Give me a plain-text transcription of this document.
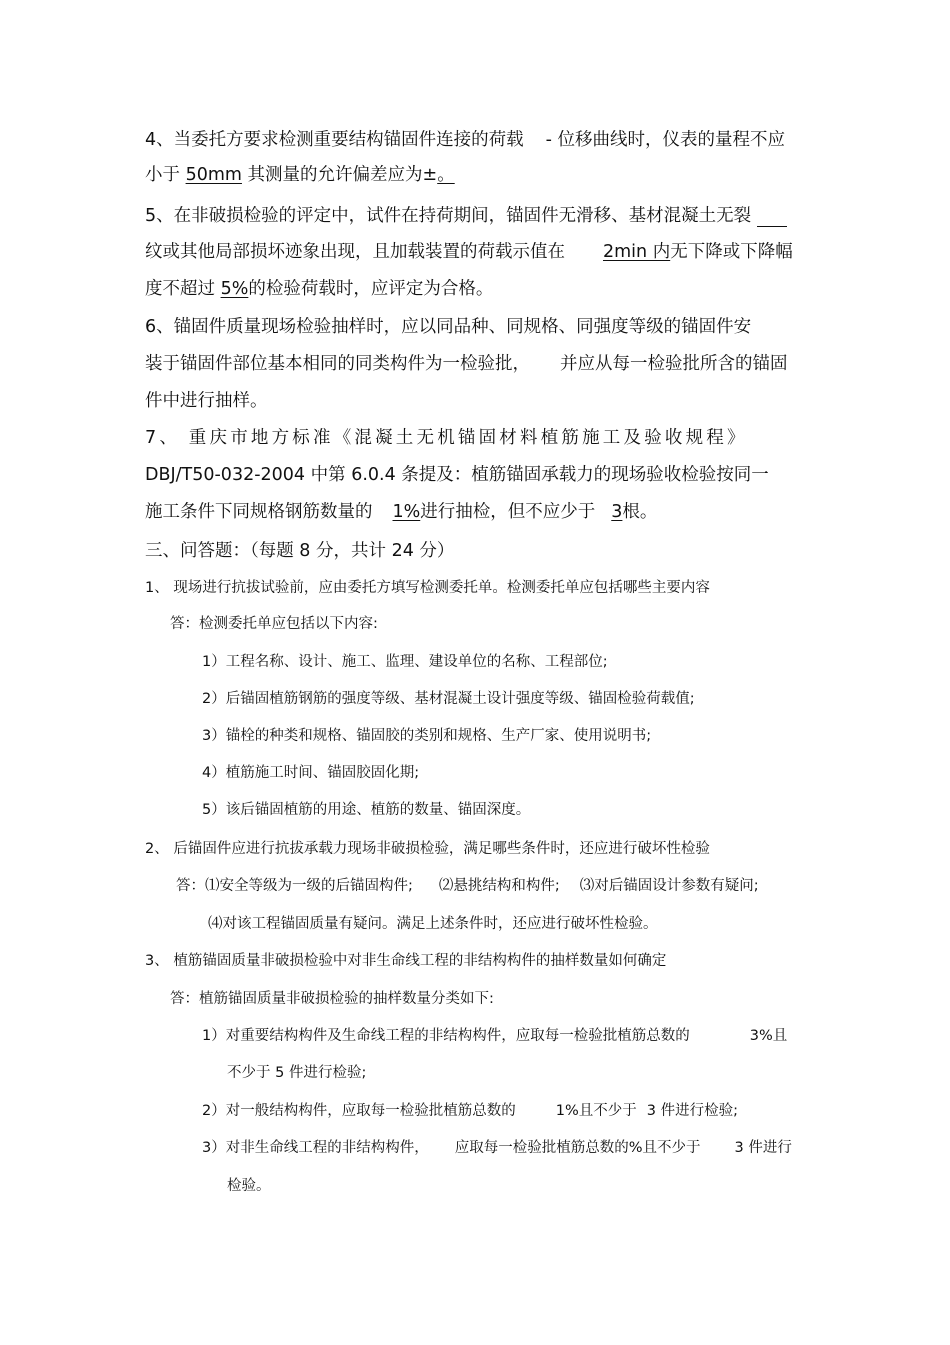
4、当委托方要求检测重要结构锚固件连接的荷载 - 位移曲线时，仪表的量程不应
小于 50mm 其测量的允许偏差应为±。
5、在非破损检验的评定中，试件在持荷期间，锚固件无滑移、基材混凝土无裂
纹或其他局部损坏迹象出现，且加载装置的荷载示值在 2min 内无下降或下降幅
度不超过 5%的检验荷载时，应评定为合格。
6、锚固件质量现场检验抽样时，应以同品种、同规格、同强度等级的锚固件安
装于锚固件部位基本相同的同类构件为一检验批， 并应从每一检验批所含的锚固
件中进行抽样。
7、 重庆市地方标准《混凝土无机锚固材料植筋施工及验收规程》
DBJ/T50-032-2004 中第 6.0.4 条提及：植筋锚固承载力的现场验收检验按同一
施工条件下同规格钢筋数量的 1%进行抽检，但不应少于 3根。
三、问答题：（每题 8 分，共计 24 分）
1、 现场进行抗拔试验前，应由委托方填写检测委托单。检测委托单应包括哪些主要内容
答：检测委托单应包括以下内容:
1）工程名称、设计、施工、监理、建设单位的名称、工程部位;
2）后锚固植筋钢筋的强度等级、基材混凝土设计强度等级、锚固检验荷载值;
3）锚栓的种类和规格、锚固胶的类别和规格、生产厂家、使用说明书;
4）植筋施工时间、锚固胶固化期;
5）该后锚固植筋的用途、植筋的数量、锚固深度。
2、 后锚固件应进行抗拔承载力现场非破损检验，满足哪些条件时，还应进行破坏性检验
答：⑴安全等级为一级的后锚固构件; ⑵悬挑结构和构件; ⑶对后锚固设计参数有疑问;
⑷对该工程锚固质量有疑问。满足上述条件时，还应进行破坏性检验。
3、 植筋锚固质量非破损检验中对非生命线工程的非结构构件的抽样数量如何确定
答：植筋锚固质量非破损检验的抽样数量分类如下:
1）对重要结构构件及生命线工程的非结构构件，应取每一检验批植筋总数的	3%且
不少于 5 件进行检验;
2）对一般结构构件，应取每一检验批植筋总数的	1%且不少于 3 件进行检验;
3）对非生命线工程的非结构构件， 应取每一检验批植筋总数的%且不少于 3 件进行
检验。
